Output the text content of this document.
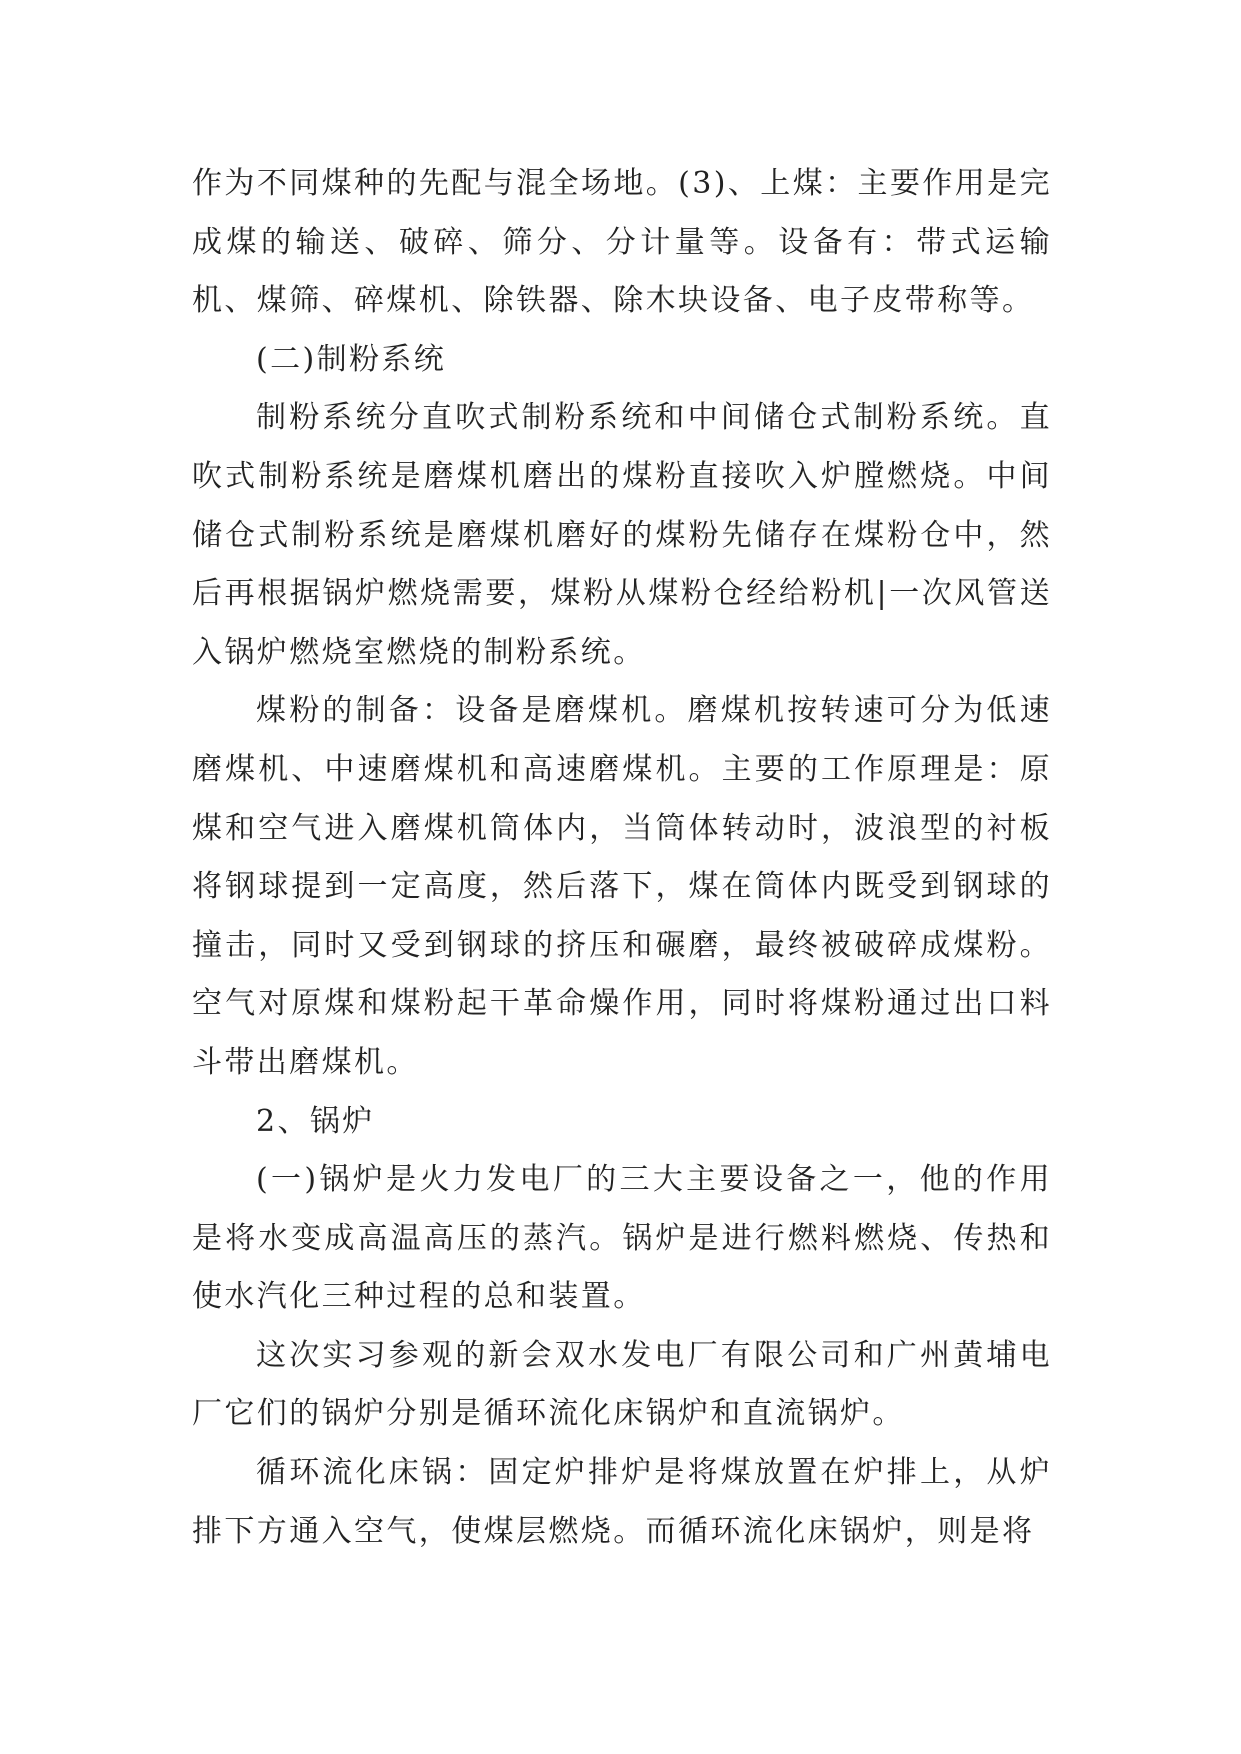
作为不同煤种的先配与混全场地。(3)、上煤：主要作用是完成煤的输送、破碎、筛分、分计量等。设备有：带式运输机、煤筛、碎煤机、除铁器、除木块设备、电子皮带称等。

(二)制粉系统

制粉系统分直吹式制粉系统和中间储仓式制粉系统。直吹式制粉系统是磨煤机磨出的煤粉直接吹入炉膛燃烧。中间储仓式制粉系统是磨煤机磨好的煤粉先储存在煤粉仓中，然后再根据锅炉燃烧需要，煤粉从煤粉仓经给粉机|一次风管送入锅炉燃烧室燃烧的制粉系统。

煤粉的制备：设备是磨煤机。磨煤机按转速可分为低速磨煤机、中速磨煤机和高速磨煤机。主要的工作原理是：原煤和空气进入磨煤机筒体内，当筒体转动时，波浪型的衬板将钢球提到一定高度，然后落下，煤在筒体内既受到钢球的撞击，同时又受到钢球的挤压和碾磨，最终被破碎成煤粉。空气对原煤和煤粉起干革命燥作用，同时将煤粉通过出口料斗带出磨煤机。

2、锅炉

(一)锅炉是火力发电厂的三大主要设备之一，他的作用是将水变成高温高压的蒸汽。锅炉是进行燃料燃烧、传热和使水汽化三种过程的总和装置。

这次实习参观的新会双水发电厂有限公司和广州黄埔电厂它们的锅炉分别是循环流化床锅炉和直流锅炉。

循环流化床锅：固定炉排炉是将煤放置在炉排上，从炉排下方通入空气，使煤层燃烧。而循环流化床锅炉，则是将
